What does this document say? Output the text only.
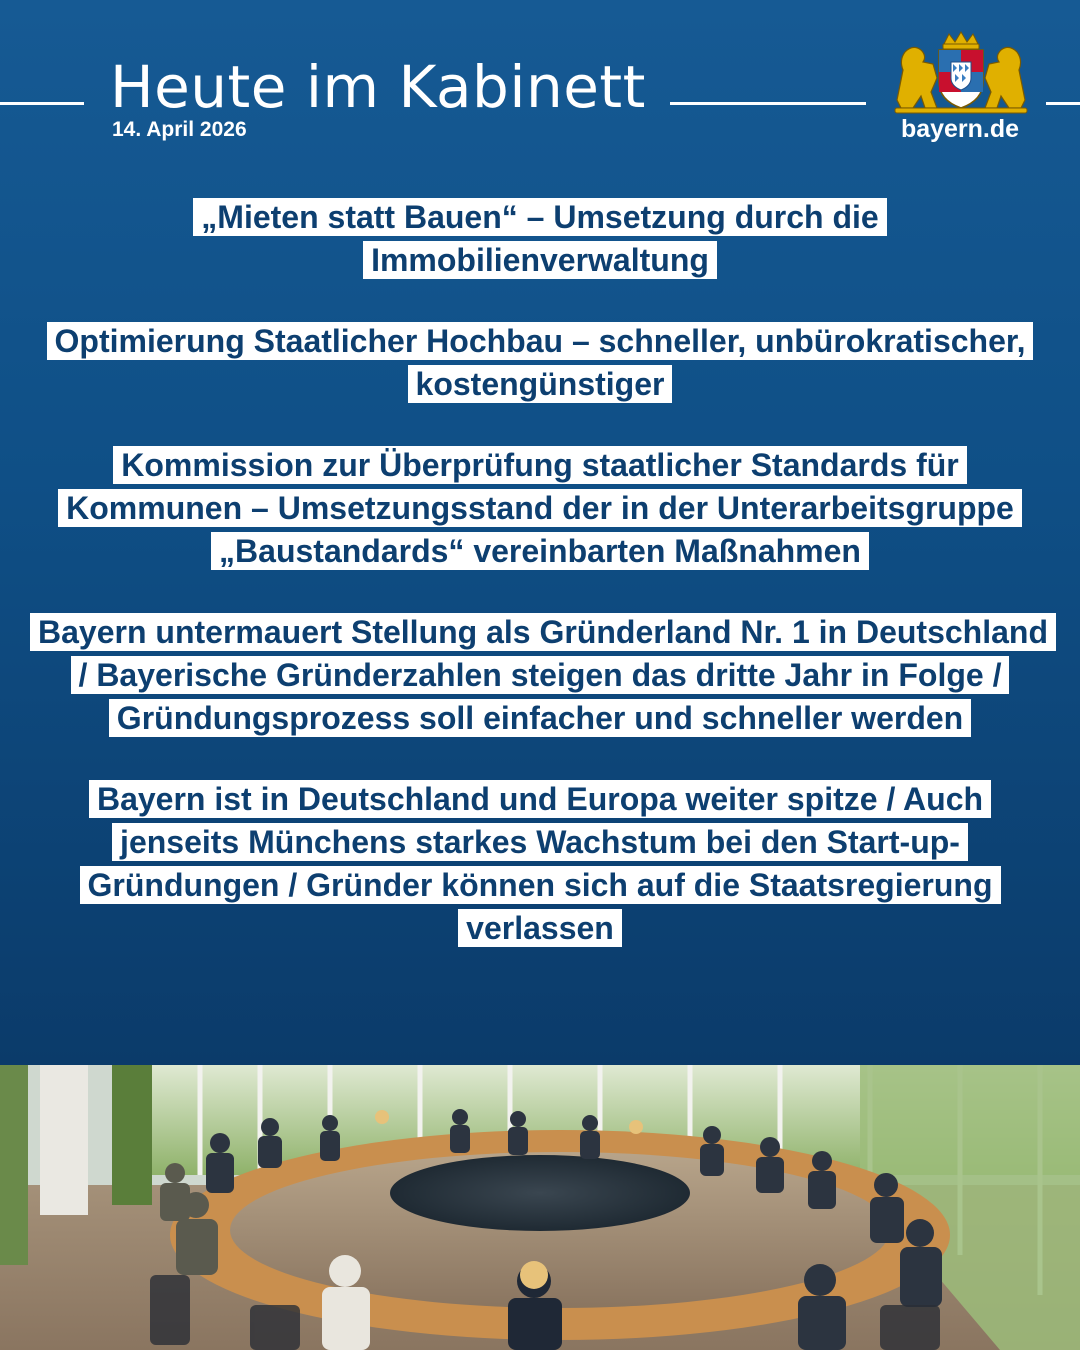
Heute im Kabinett
14. April 2026	bayern.de

„Mieten statt Bauen“ – Umsetzung durch die Immobilienverwaltung

Optimierung Staatlicher Hochbau – schneller, unbürokratischer, kostengünstiger

Kommission zur Überprüfung staatlicher Standards für Kommunen – Umsetzungsstand der in der Unterarbeitsgruppe „Baustandards“ vereinbarten Maßnahmen

Bayern untermauert Stellung als Gründerland Nr. 1 in Deutschland / Bayerische Gründerzahlen steigen das dritte Jahr in Folge / Gründungsprozess soll einfacher und schneller werden

Bayern ist in Deutschland und Europa weiter spitze / Auch jenseits Münchens starkes Wachstum bei den Start-up-Gründungen / Gründer können sich auf die Staatsregierung verlassen
